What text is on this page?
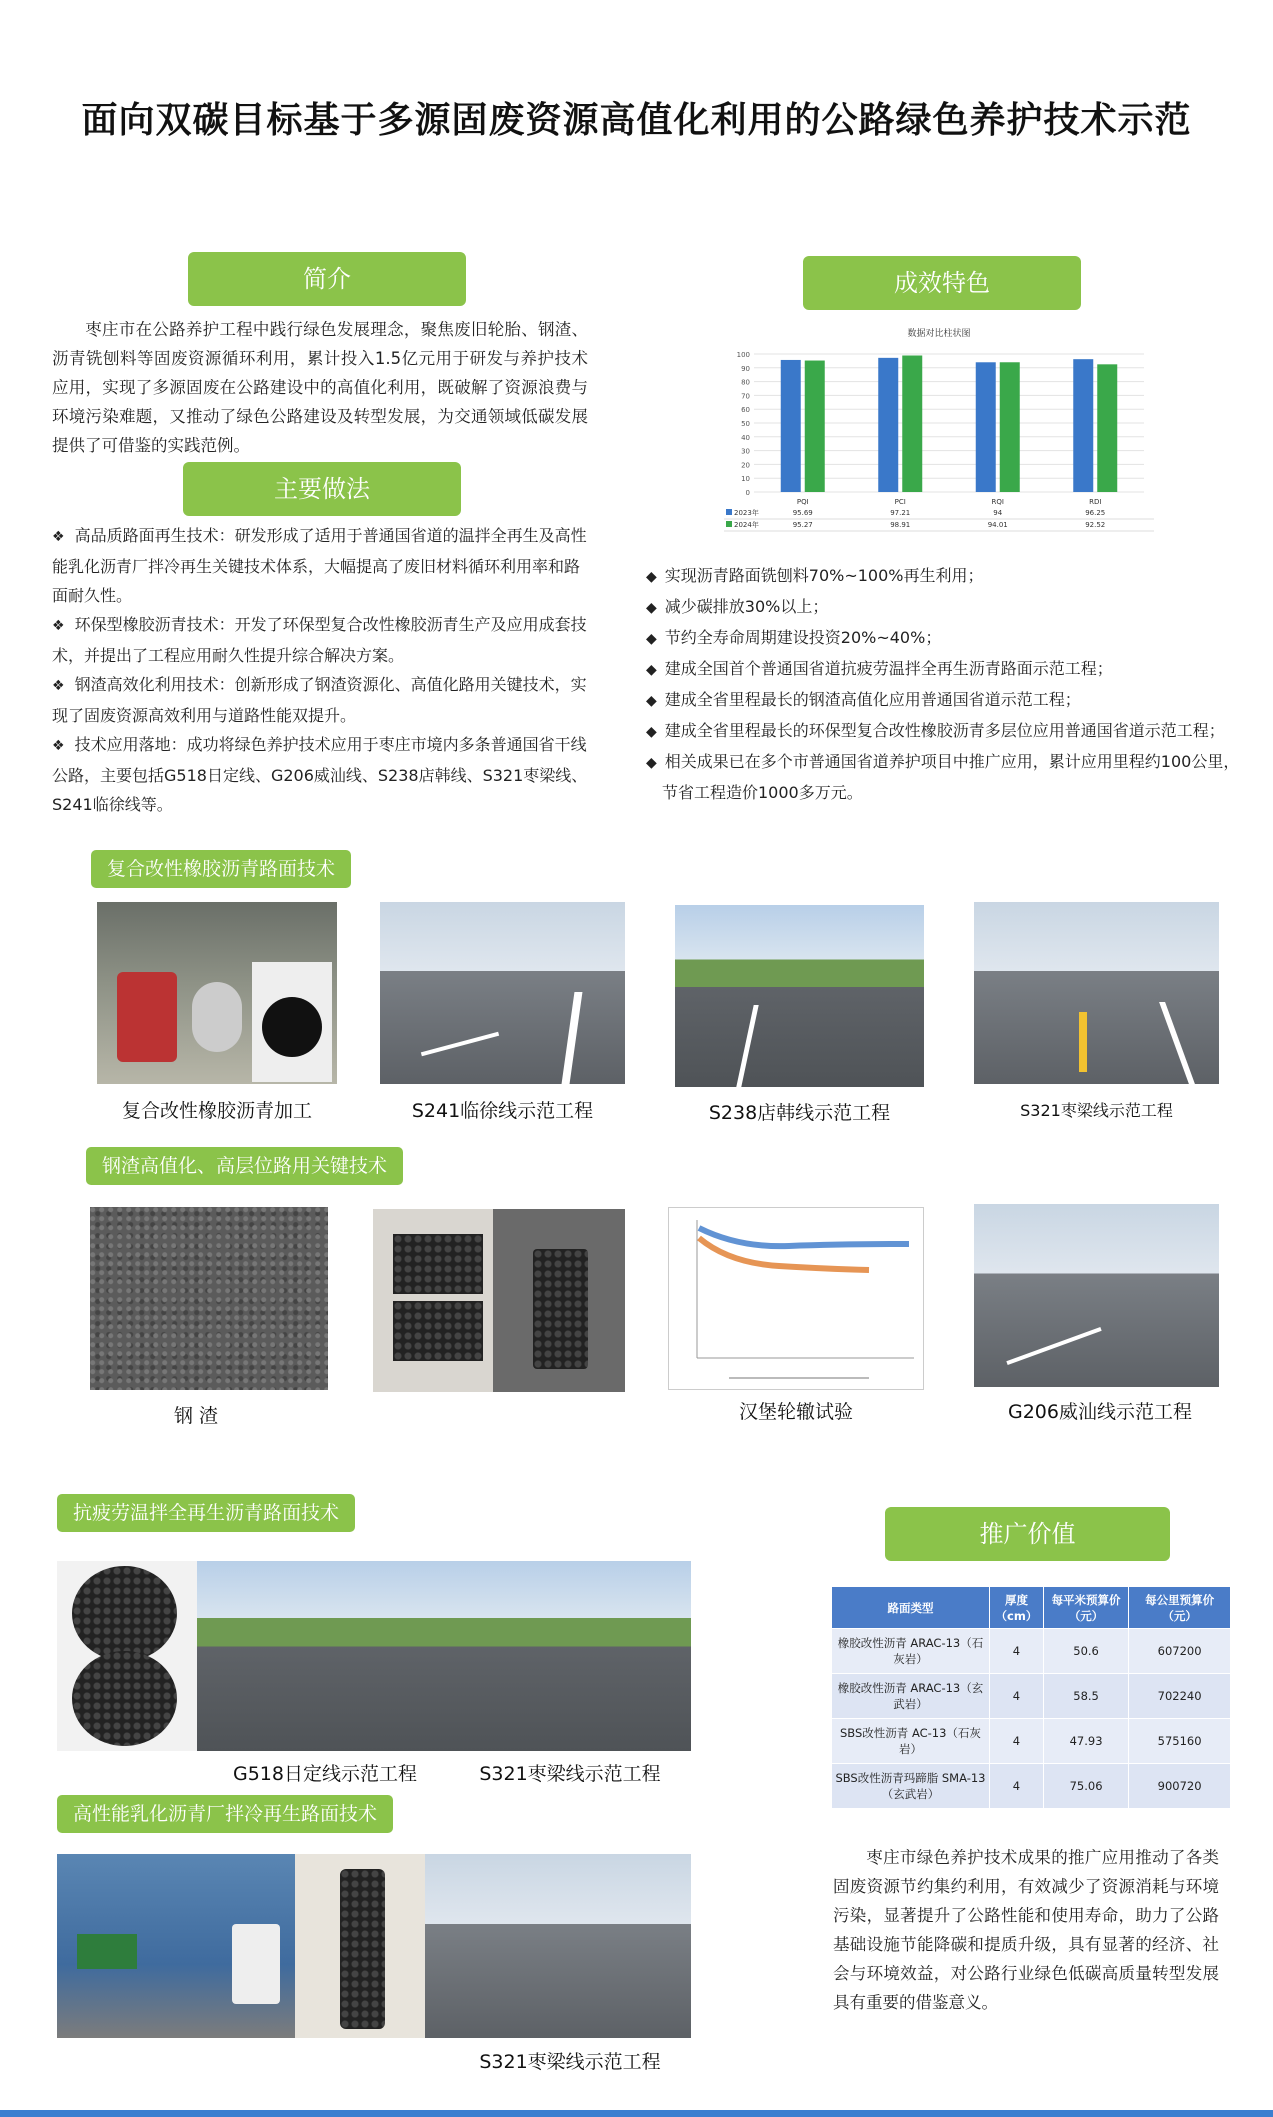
面向双碳目标基于多源固废资源高值化利用的公路绿色养护技术示范
简介
枣庄市在公路养护工程中践行绿色发展理念，聚焦废旧轮胎、钢渣、沥青铣刨料等固废资源循环利用，累计投入1.5亿元用于研发与养护技术应用，实现了多源固废在公路建设中的高值化利用，既破解了资源浪费与环境污染难题，又推动了绿色公路建设及转型发展，为交通领域低碳发展提供了可借鉴的实践范例。
主要做法
❖ 高品质路面再生技术：研发形成了适用于普通国省道的温拌全再生及高性能乳化沥青厂拌冷再生关键技术体系，大幅提高了废旧材料循环利用率和路面耐久性。
❖ 环保型橡胶沥青技术：开发了环保型复合改性橡胶沥青生产及应用成套技术，并提出了工程应用耐久性提升综合解决方案。
❖ 钢渣高效化利用技术：创新形成了钢渣资源化、高值化路用关键技术，实现了固废资源高效利用与道路性能双提升。
❖ 技术应用落地：成功将绿色养护技术应用于枣庄市境内多条普通国省干线公路，主要包括G518日定线、G206威汕线、S238店韩线、S321枣梁线、S241临徐线等。
成效特色
数据对比柱状图
0
10
20
30
40
50
60
70
80
90
100
PQI	PCI	RQI	RDI
2023年	95.69	97.21	94	96.25
2024年	95.27	98.91	94.01	92.52
◆ 实现沥青路面铣刨料70%~100%再生利用；
◆ 减少碳排放30%以上；
◆ 节约全寿命周期建设投资20%~40%；
◆ 建成全国首个普通国省道抗疲劳温拌全再生沥青路面示范工程；
◆ 建成全省里程最长的钢渣高值化应用普通国省道示范工程；
◆ 建成全省里程最长的环保型复合改性橡胶沥青多层位应用普通国省道示范工程；
◆ 相关成果已在多个市普通国省道养护项目中推广应用，累计应用里程约100公里，节省工程造价1000多万元。
复合改性橡胶沥青路面技术
复合改性橡胶沥青加工	S241临徐线示范工程	S238店韩线示范工程	S321枣梁线示范工程
钢渣高值化、高层位路用关键技术
钢 渣	汉堡轮辙试验	G206威汕线示范工程
抗疲劳温拌全再生沥青路面技术
G518日定线示范工程	S321枣梁线示范工程
高性能乳化沥青厂拌冷再生路面技术
S321枣梁线示范工程
推广价值
路面类型	厚度（cm）	每平米预算价（元）	每公里预算价（元）
橡胶改性沥青 ARAC-13（石灰岩）	4	50.6	607200
橡胶改性沥青 ARAC-13（玄武岩）	4	58.5	702240
SBS改性沥青 AC-13（石灰岩）	4	47.93	575160
SBS改性沥青玛蹄脂 SMA-13（玄武岩）	4	75.06	900720
枣庄市绿色养护技术成果的推广应用推动了各类固废资源节约集约利用，有效减少了资源消耗与环境污染，显著提升了公路性能和使用寿命，助力了公路基础设施节能降碳和提质升级，具有显著的经济、社会与环境效益，对公路行业绿色低碳高质量转型发展具有重要的借鉴意义。
